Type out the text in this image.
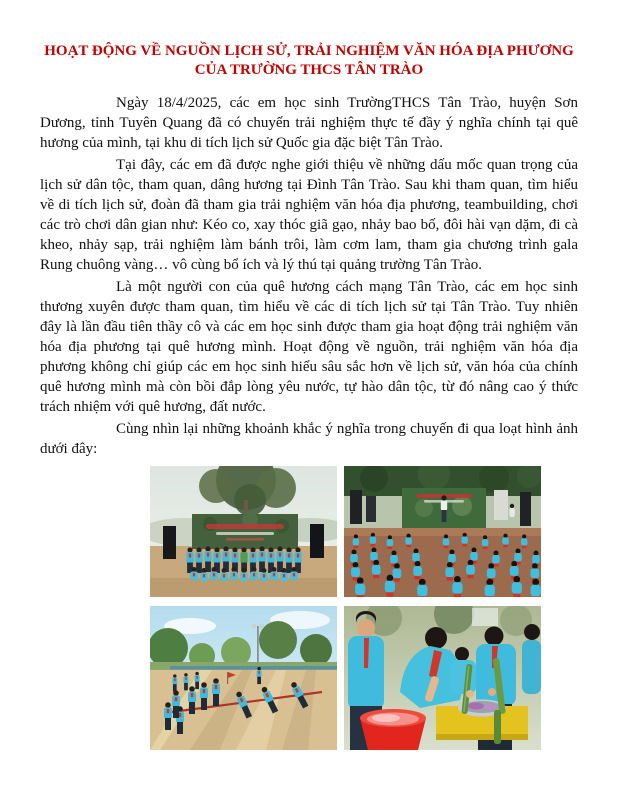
HOẠT ĐỘNG VỀ NGUỒN LỊCH SỬ, TRẢI NGHIỆM VĂN HÓA ĐỊA PHƯƠNG CỦA TRƯỜNG THCS TÂN TRÀO

Ngày 18/4/2025, các em học sinh TrườngTHCS Tân Trào, huyện Sơn Dương, tỉnh Tuyên Quang đã có chuyến trải nghiệm thực tế đầy ý nghĩa chính tại quê hương của mình, tại khu di tích lịch sử Quốc gia đặc biệt Tân Trào.

Tại đây, các em đã được nghe giới thiệu về những dấu mốc quan trọng của lịch sử dân tộc, tham quan, dâng hương tại Đình Tân Trào. Sau khi tham quan, tìm hiểu về di tích lịch sử, đoàn đã tham gia trải nghiệm văn hóa địa phương, teambuilding, chơi các trò chơi dân gian như: Kéo co, xay thóc giã gạo, nhảy bao bố, đôi hài vạn dặm, đi cà kheo, nhảy sạp, trải nghiệm làm bánh trôi, làm cơm lam, tham gia chương trình gala Rung chuông vàng… vô cùng bổ ích và lý thú tại quảng trường Tân Trào.

Là một người con của quê hương cách mạng Tân Trào, các em học sinh thương xuyên được tham quan, tìm hiểu về các di tích lịch sử tại Tân Trào. Tuy nhiên đây là lần đầu tiên thầy cô và các em học sinh được tham gia hoạt động trải nghiệm văn hóa địa phương tại quê hương mình. Hoạt động về nguồn, trải nghiệm văn hóa địa phương không chỉ giúp các em học sinh hiểu sâu sắc hơn về lịch sử, văn hóa của chính quê hương mình mà còn bồi đắp lòng yêu nước, tự hào dân tộc, từ đó nâng cao ý thức trách nhiệm với quê hương, đất nước.

Cùng nhìn lại những khoảnh khắc ý nghĩa trong chuyến đi qua loạt hình ảnh dưới đây:
